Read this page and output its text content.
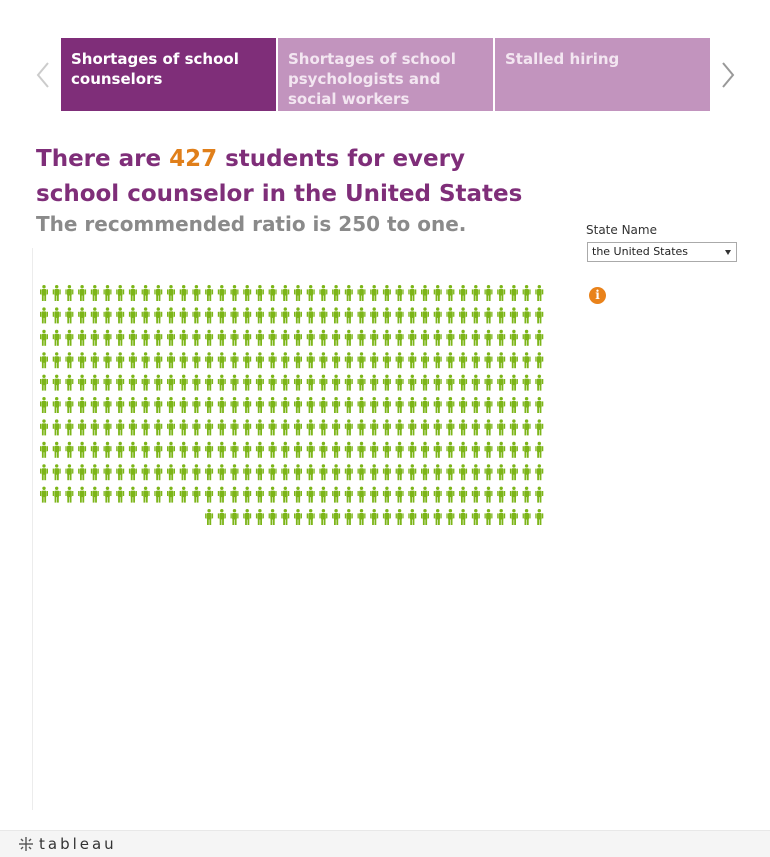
Shortages of school counselors
Shortages of school psychologists and social workers
Stalled hiring
There are 427 students for every school counselor in the United States

The recommended ratio is 250 to one.	State Name
the United States
i
tableau
